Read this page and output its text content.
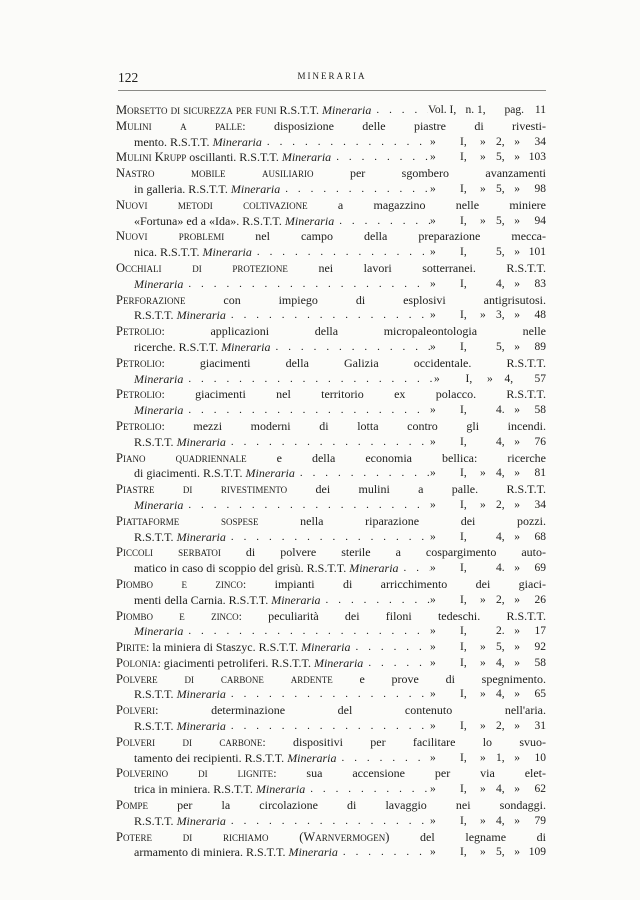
122	MINERARIA
Morsetto di sicurezza per funi R.S.T.T. Mineraria . . .	Vol. I, n. 1, pag. 11
Mulini a palle: disposizione delle piastre di rivesti-
mento. R.S.T.T. Mineraria . . .	»	I,	» 2, »	34
Mulini Krupp oscillanti. R.S.T.T. Mineraria . . .	»	I,	» 5, » 103
Nastro mobile ausiliario per sgombero avanzamenti
in galleria. R.S.T.T. Mineraria . . .	»	I,	» 5, »	98
Nuovi metodi coltivazione a magazzino nelle miniere
«Fortuna» ed a «Ida». R.S.T.T. Mineraria . . .	»	I,	» 5, »	94
Nuovi problemi nel campo della preparazione mecca-
nica. R.S.T.T. Mineraria . . .	»	I,	5, » 101
Occhiali di protezione nei lavori sotterranei. R.S.T.T.
Mineraria . . .	»	I,	4, »	83
Perforazione con impiego di esplosivi antigrisutosi.
R.S.T.T. Mineraria . . .	»	I,	» 3, »	48
Petrolio: applicazioni della micropaleontologia nelle
ricerche. R.S.T.T. Mineraria . . .	»	I,	5, »	89
Petrolio: giacimenti della Galizia occidentale. R.S.T.T.
Mineraria . . .	»	I,	»	4,	57
Petrolio: giacimenti nel territorio ex polacco. R.S.T.T.
Mineraria . . .	»	I,	4. »	58
Petrolio: mezzi moderni di lotta contro gli incendi.
R.S.T.T. Mineraria . . .	»	I,	4, »	76
Piano quadriennale e della economia bellica: ricerche
di giacimenti. R.S.T.T. Mineraria . . .	»	I,	» 4, »	81
Piastre di rivestimento dei mulini a palle. R.S.T.T.
Mineraria . . .	»	I,	» 2, »	34
Piattaforme sospese nella riparazione dei pozzi.
R.S.T.T. Mineraria . . .	»	I,	4, »	68
Piccoli serbatoi di polvere sterile a cospargimento auto-
matico in caso di scoppio del grisù. R.S.T.T. Mineraria . . .	»	I,	4. »	69
Piombo e zinco: impianti di arricchimento dei giaci-
menti della Carnia. R.S.T.T. Mineraria . . .	»	I,	» 2, »	26
Piombo e zinco: peculiarità dei filoni tedeschi. R.S.T.T.
Mineraria . . .	»	I,	2. »	17
Pirite: la miniera di Staszyc. R.S.T.T. Mineraria . . .	»	I,	» 5, »	92
Polonia: giacimenti petroliferi. R.S.T.T. Mineraria . . .	»	I,	» 4, »	58
Polvere di carbone ardente e prove di spegnimento.
R.S.T.T. Mineraria . . .	»	I,	» 4, »	65
Polveri: determinazione del contenuto nell'aria.
R.S.T.T. Mineraria . . .	»	I,	» 2, »	31
Polveri di carbone: dispositivi per facilitare lo svuo-
tamento dei recipienti. R.S.T.T. Mineraria . . .	»	I,	» 1, »	10
Polverino di lignite: sua accensione per via elet-
trica in miniera. R.S.T.T. Mineraria . . .	»	I,	» 4, »	62
Pompe per la circolazione di lavaggio nei sondaggi.
R.S.T.T. Mineraria . . .	»	I,	» 4, »	79
Potere di richiamo (Warnvermogen) del legname di
armamento di miniera. R.S.T.T. Mineraria . . .	»	I,	» 5, » 109
